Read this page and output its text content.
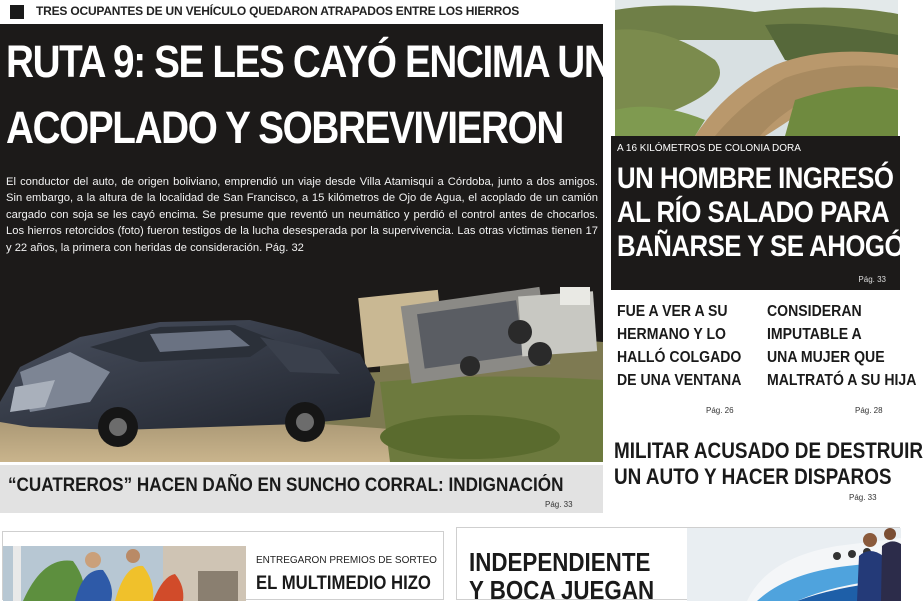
TRES OCUPANTES DE UN VEHÍCULO QUEDARON ATRAPADOS ENTRE LOS HIERROS
RUTA 9: SE LES CAYÓ ENCIMA UN
ACOPLADO Y SOBREVIVIERON

El conductor del auto, de origen boliviano, emprendió un viaje desde Villa Atamisqui a Córdoba, junto a dos amigos. Sin embargo, a la altura de la localidad de San Francisco, a 15 kilómetros de Ojo de Agua, el acoplado de un camión cargado con soja se les cayó encima. Se presume que reventó un neumático y perdió el control antes de chocarlos. Los hierros retorcidos (foto) fueron testigos de la lucha desesperada por la supervivencia. Las otras víctimas tienen 17 y 22 años, la primera con heridas de consideración. Pág. 32

A 16 KILÓMETROS DE COLONIA DORA
UN HOMBRE INGRESÓ
AL RÍO SALADO PARA
BAÑARSE Y SE AHOGÓ
Pág. 33
FUE A VER A SU
HERMANO Y LO
HALLÓ COLGADO
DE UNA VENTANA
Pág. 26
CONSIDERAN
IMPUTABLE A
UNA MUJER QUE
MALTRATÓ A SU HIJA
Pág. 28
MILITAR ACUSADO DE DESTRUIR
UN AUTO Y HACER DISPAROS
Pág. 33
“CUATREROS” HACEN DAÑO EN SUNCHO CORRAL: INDIGNACIÓN
Pág. 33
ENTREGARON PREMIOS DE SORTEO
EL MULTIMEDIO HIZO
INDEPENDIENTE
Y BOCA JUEGAN
